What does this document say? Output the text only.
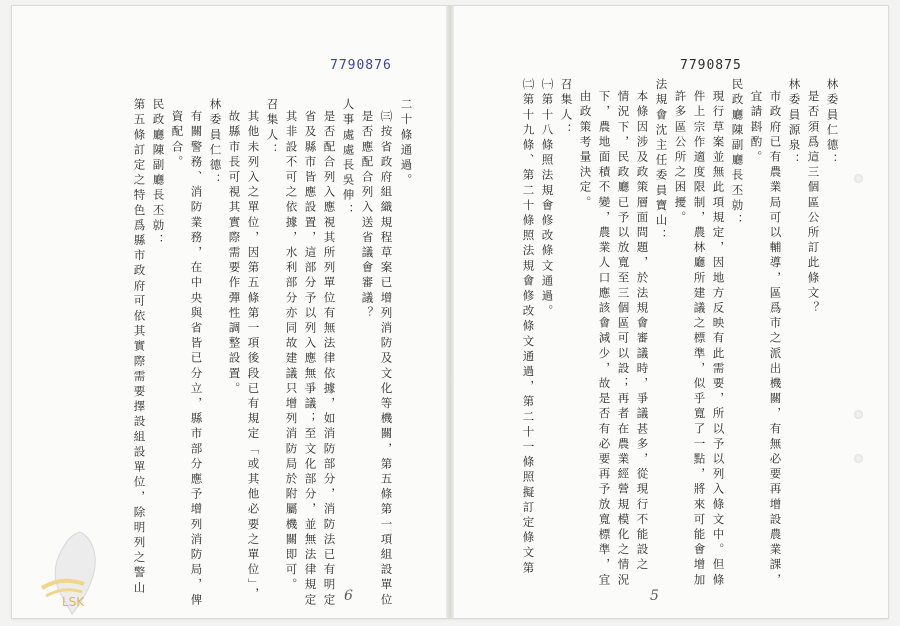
7790876
二十條通過。
㈢按省政府組織規程草案已增列消防及文化等機關，第五條第一項組設單位
是否應配合列入送省議會審議？
人事處處長吳伸：
是否配合列入應視其所列單位有無法律依據，如消防部分，消防法已有明定
省及縣市皆應設置，這部分予以列入應無爭議；至文化部分，並無法律規定
其非設不可之依據，水利部分亦同故建議只增列消防局於附屬機關即可。
召集人：
其他未列入之單位，因第五條第一項後段已有規定「或其他必要之單位」，
故縣市長可視其實際需要作彈性調整設置。
林委員仁德：
有關警務、消防業務，在中央與省皆已分立，縣市部分應予增列消防局，俾
資配合。
民政廳陳副廳長丕勍：
第五條訂定之特色爲縣市政府可依其實際需要擇設組設單位，除明列之警山	6
7790875
林委員仁德：
是否須爲這三個區公所訂此條文？
林委員源泉：
市政府已有農業局可以輔導，區爲市之派出機關，有無必要再增設農業課，
宜請斟酌。
民政廳陳副廳長丕勍：
現行草案並無此項規定，因地方反映有此需要，所以予以列入條文中。但條
件上宗作適度限制，農林廳所建議之標準，似乎寬了一點，將來可能會增加
許多區公所之困擾。
法規會沈主任委員寶山：
本條因涉及政策層面問題，於法規會審議時，爭議甚多，從現行不能設之
情況下，民政廳已予以放寬至三個區可以設；再者在農業經營規模化之情況
下，農地面積不變，農業人口應該會減少，故是否有必要再予放寬標準，宜
由政策考量決定。
召集人：
㈠第十八條照法規會修改條文通過。
㈡第十九條、第二十條照法規會修改條文通過，第二十一條照擬訂定條文第
5
LSK
